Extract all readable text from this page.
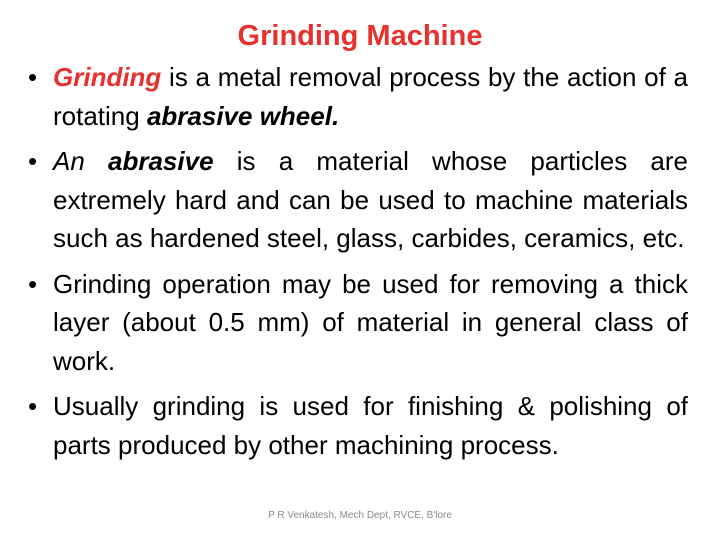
Grinding Machine
• Grinding is a metal removal process by the action of a rotating abrasive wheel.
• An abrasive is a material whose particles are extremely hard and can be used to machine materials such as hardened steel, glass, carbides, ceramics, etc.
• Grinding operation may be used for removing a thick layer (about 0.5 mm) of material in general class of work.
• Usually grinding is used for finishing & polishing of parts produced by other machining process.
P R Venkatesh, Mech Dept, RVCE, B'lore
